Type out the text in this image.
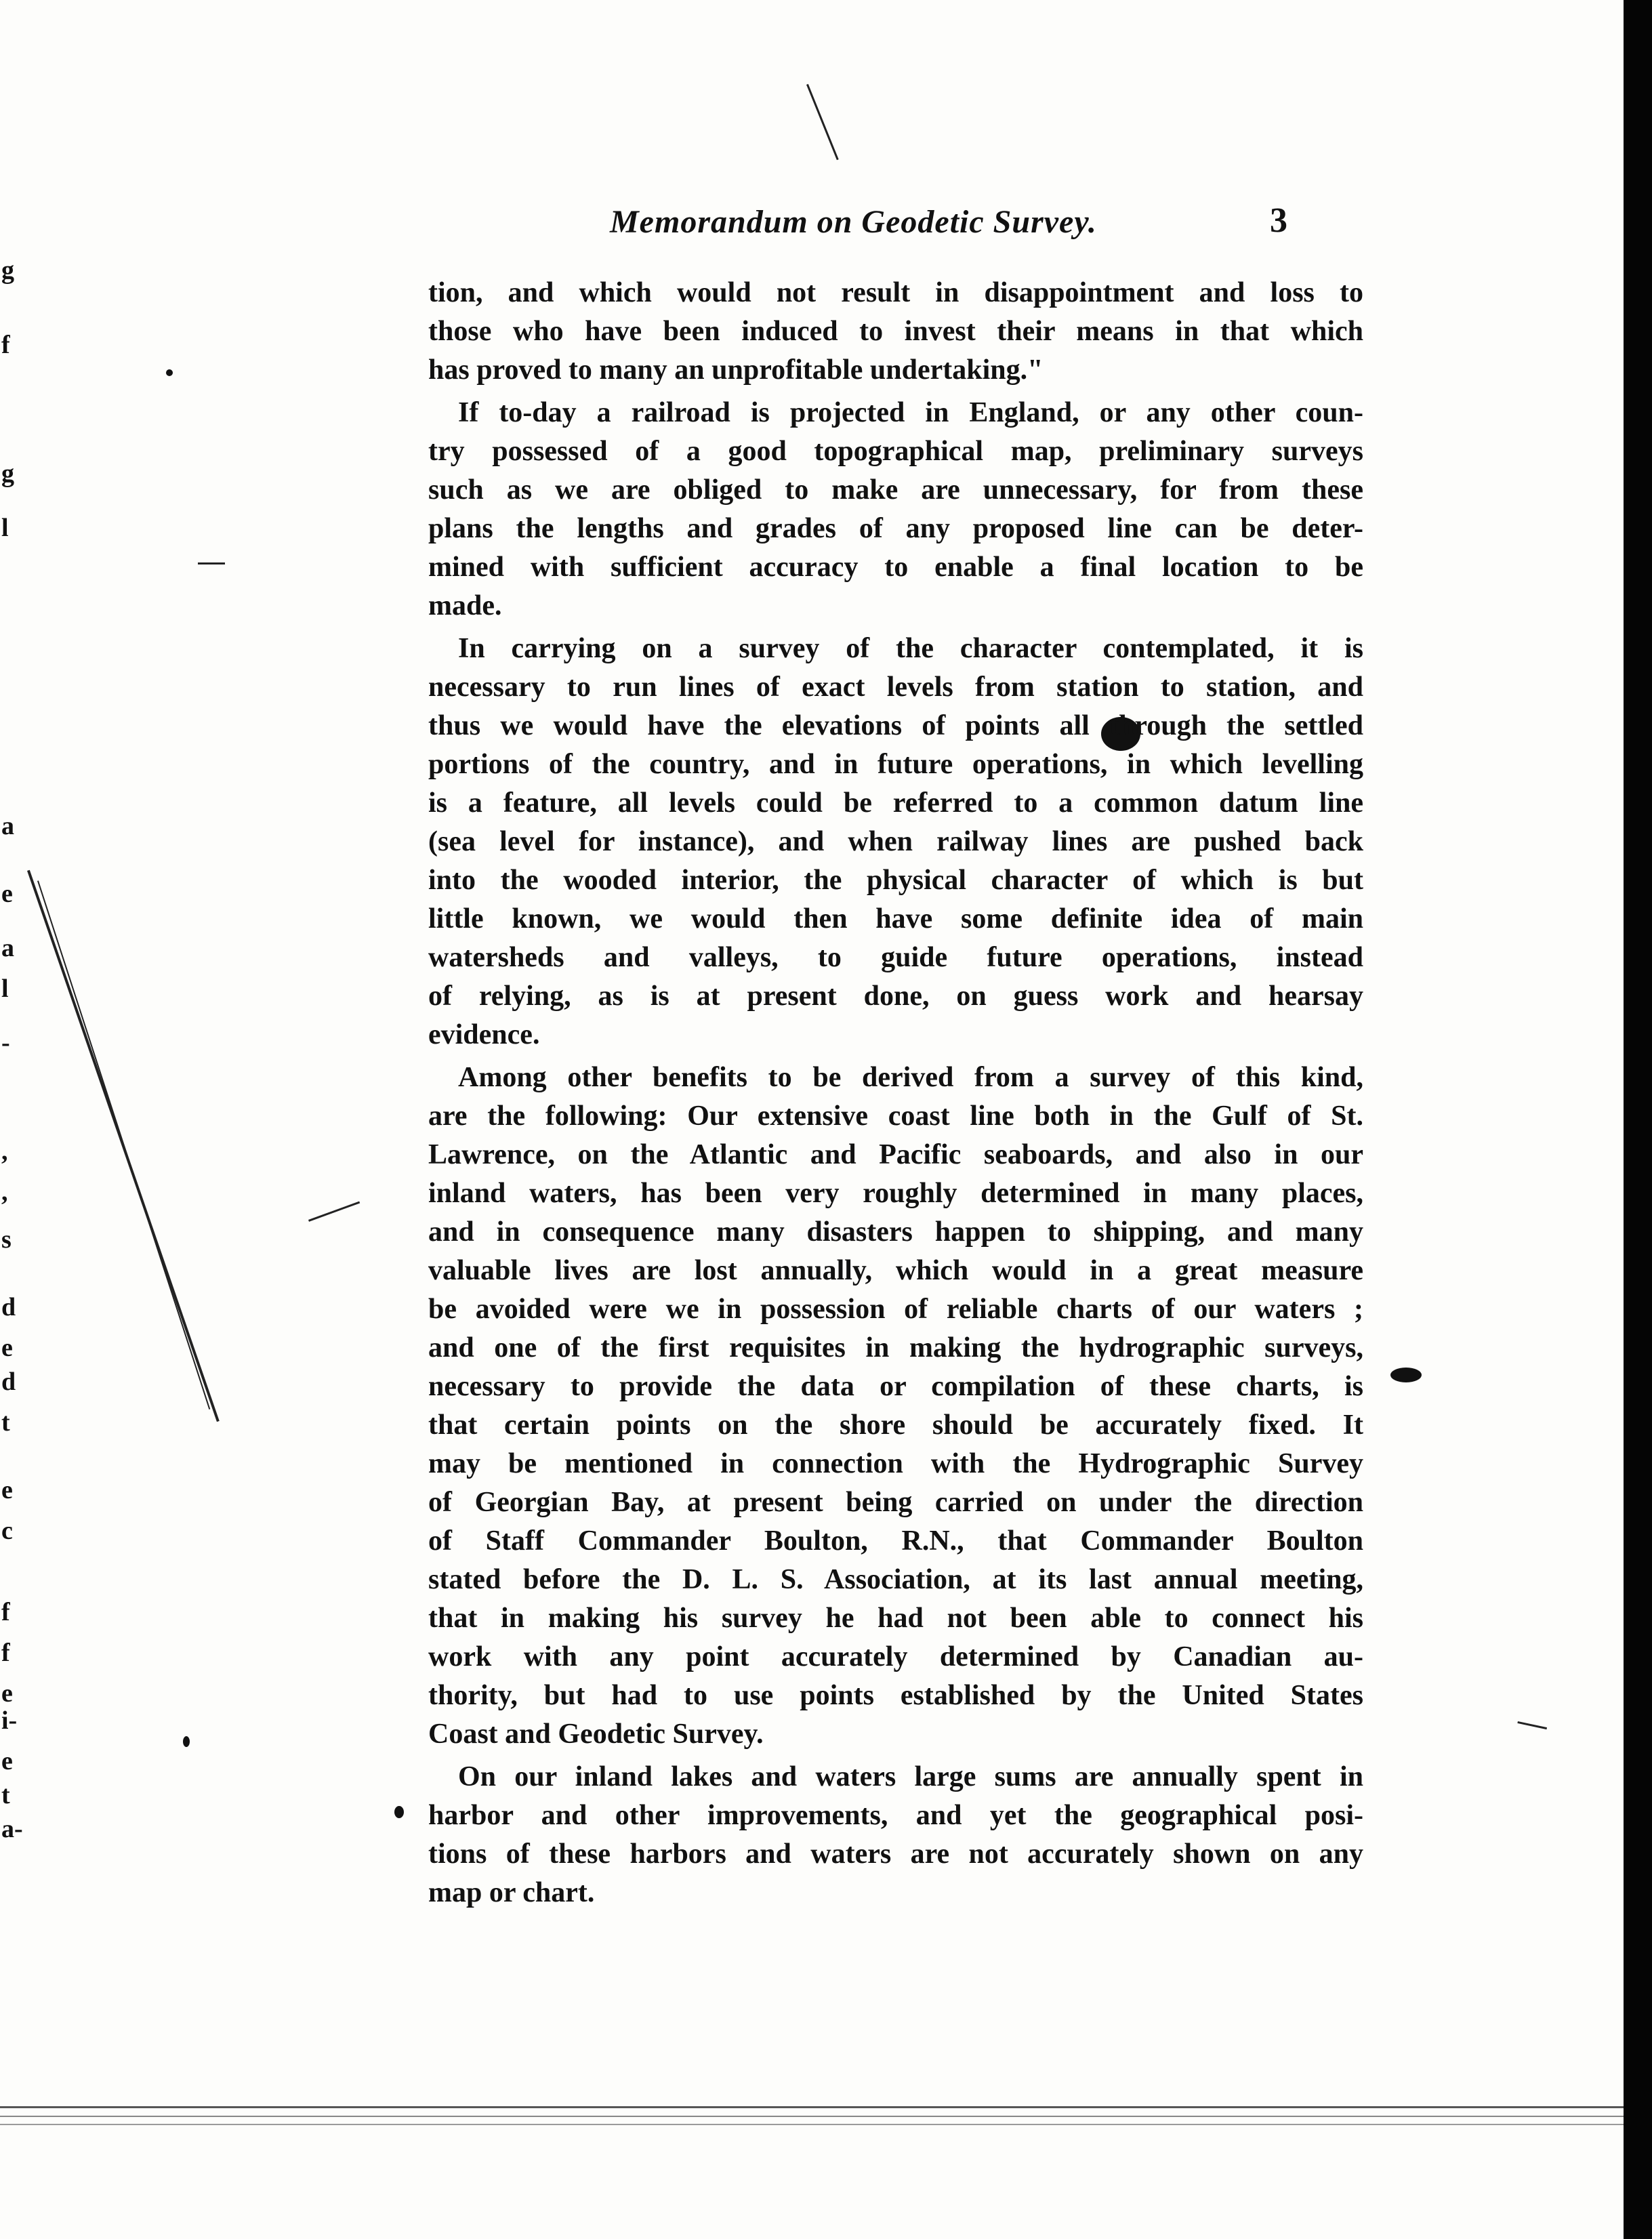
g
f
g
l
a
e
a
l
-
,
,
s
d
e
d
t
e
c
f
f
e
i-
e
t
a-
Memorandum on Geodetic Survey.	3
tion, and which would not result in disappointment and loss to
those who have been induced to invest their means in that which
has proved to many an unprofitable undertaking."
If to-day a railroad is projected in England, or any other coun-
try possessed of a good topographical map, preliminary surveys
such as we are obliged to make are unnecessary, for from these
plans the lengths and grades of any proposed line can be deter-
mined with sufficient accuracy to enable a final location to be
made.
In carrying on a survey of the character contemplated, it is
necessary to run lines of exact levels from station to station, and
thus we would have the elevations of points all through the settled
portions of the country, and in future operations, in which levelling
is a feature, all levels could be referred to a common datum line
(sea level for instance), and when railway lines are pushed back
into the wooded interior, the physical character of which is but
little known, we would then have some definite idea of main
watersheds and valleys, to guide future operations, instead
of relying, as is at present done, on guess work and hearsay
evidence.
Among other benefits to be derived from a survey of this kind,
are the following: Our extensive coast line both in the Gulf of St.
Lawrence, on the Atlantic and Pacific seaboards, and also in our
inland waters, has been very roughly determined in many places,
and in consequence many disasters happen to shipping, and many
valuable lives are lost annually, which would in a great measure
be avoided were we in possession of reliable charts of our waters ;
and one of the first requisites in making the hydrographic surveys,
necessary to provide the data or compilation of these charts, is
that certain points on the shore should be accurately fixed. It
may be mentioned in connection with the Hydrographic Survey
of Georgian Bay, at present being carried on under the direction
of Staff Commander Boulton, R.N., that Commander Boulton
stated before the D. L. S. Association, at its last annual meeting,
that in making his survey he had not been able to connect his
work with any point accurately determined by Canadian au-
thority, but had to use points established by the United States
Coast and Geodetic Survey.
On our inland lakes and waters large sums are annually spent in
harbor and other improvements, and yet the geographical posi-
tions of these harbors and waters are not accurately shown on any
map or chart.
